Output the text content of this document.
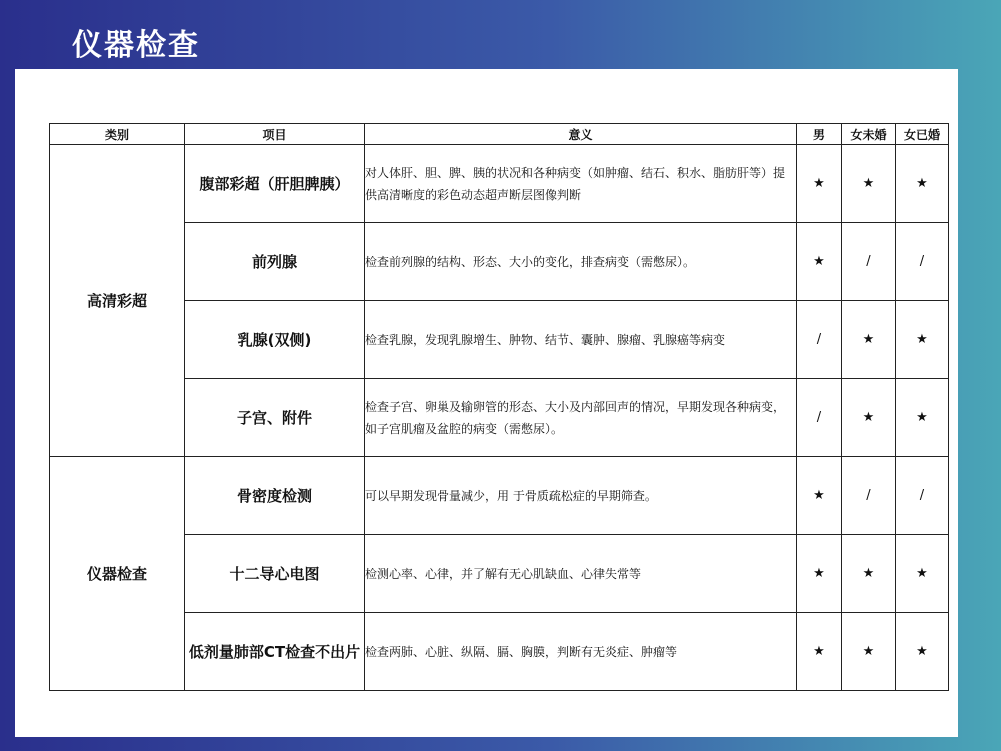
仪器检查
类别	项目	意义	男	女未婚	女已婚
高清彩超	腹部彩超（肝胆脾胰）	对人体肝、胆、脾、胰的状况和各种病变（如肿瘤、结石、积水、脂肪肝等）提供高清晰度的彩色动态超声断层图像判断	★	★	★
	前列腺	检查前列腺的结构、形态、大小的变化，排查病变（需憋尿）。	★	/	/
	乳腺(双侧)	检查乳腺，发现乳腺增生、肿物、结节、囊肿、腺瘤、乳腺癌等病变	/	★	★
	子宫、附件	检查子宫、卵巢及输卵管的形态、大小及内部回声的情况，早期发现各种病变，如子宫肌瘤及盆腔的病变（需憋尿）。	/	★	★
仪器检查	骨密度检测	可以早期发现骨量减少，用 于骨质疏松症的早期筛查。	★	/	/
	十二导心电图	检测心率、心律，并了解有无心肌缺血、心律失常等	★	★	★
	低剂量肺部CT检查不出片	检查两肺、心脏、纵隔、膈、胸膜，判断有无炎症、肿瘤等	★	★	★
